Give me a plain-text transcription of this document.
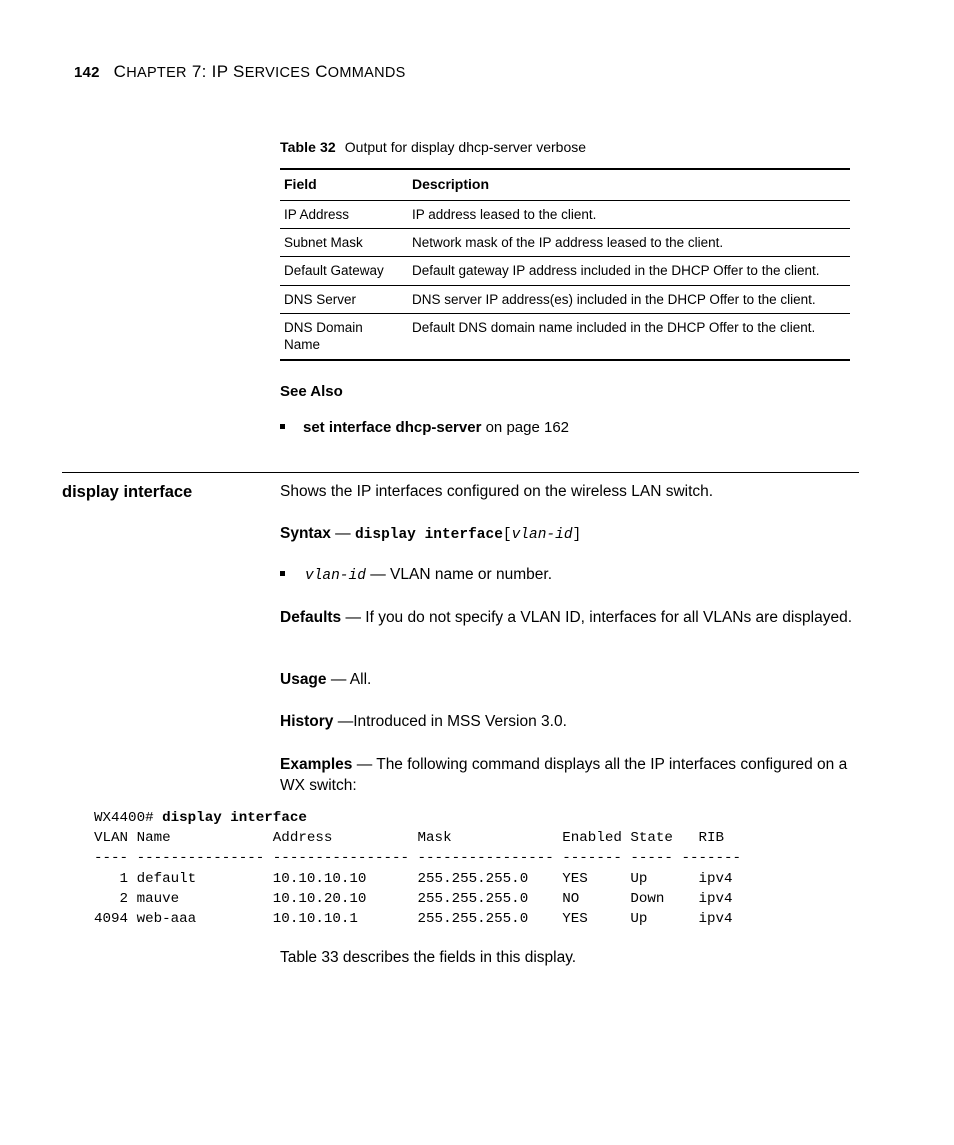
142 CHAPTER 7: IP SERVICES COMMANDS
Table 32 Output for display dhcp-server verbose
Field	Description
IP Address	IP address leased to the client.
Subnet Mask	Network mask of the IP address leased to the client.
Default Gateway	Default gateway IP address included in the DHCP Offer to the client.
DNS Server	DNS server IP address(es) included in the DHCP Offer to the client.
DNS Domain Name	Default DNS domain name included in the DHCP Offer to the client.
See Also
set interface dhcp-server on page 162
display interface	Shows the IP interfaces configured on the wireless LAN switch.
Syntax — display interface[vlan-id]
vlan-id — VLAN name or number.
Defaults — If you do not specify a VLAN ID, interfaces for all VLANs are displayed.
Usage — All.
History —Introduced in MSS Version 3.0.
Examples — The following command displays all the IP interfaces configured on a WX switch:
WX4400# display interface
VLAN Name            Address          Mask             Enabled State   RIB
---- --------------- ---------------- ---------------- ------- ----- -------
1 default         10.10.10.10      255.255.255.0    YES     Up      ipv4
2 mauve           10.10.20.10      255.255.255.0    NO      Down    ipv4
4094 web-aaa         10.10.10.1       255.255.255.0    YES     Up      ipv4
Table 33 describes the fields in this display.
